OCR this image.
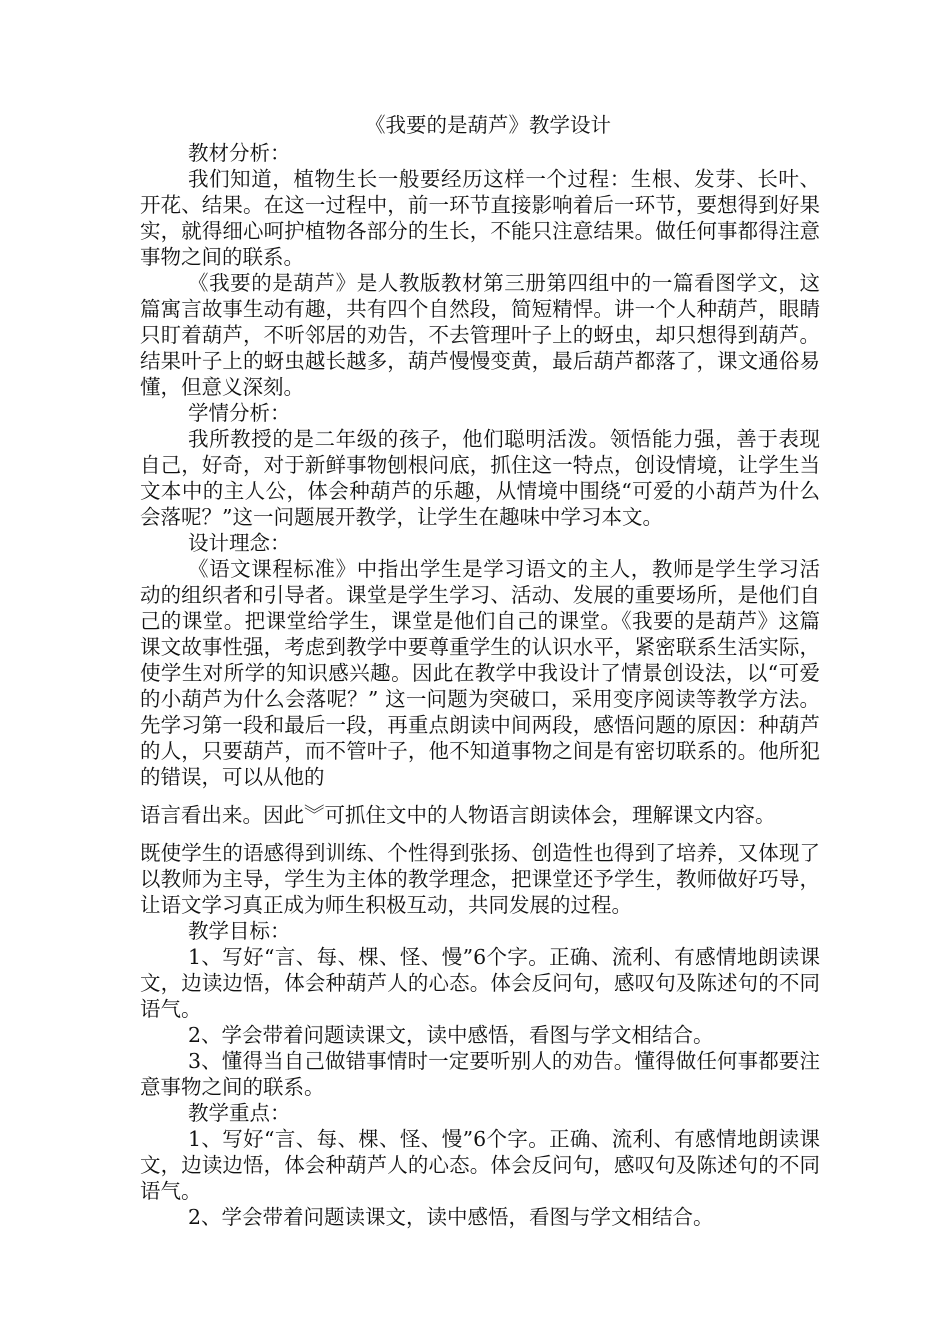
《我要的是葫芦》教学设计

教材分析：

我们知道，植物生长一般要经历这样一个过程：生根、发芽、长叶、开花、结果。在这一过程中，前一环节直接影响着后一环节，要想得到好果实，就得细心呵护植物各部分的生长，不能只注意结果。做任何事都得注意事物之间的联系。

《我要的是葫芦》是人教版教材第三册第四组中的一篇看图学文，这篇寓言故事生动有趣，共有四个自然段，简短精悍。讲一个人种葫芦，眼睛只盯着葫芦，不听邻居的劝告，不去管理叶子上的蚜虫，却只想得到葫芦。结果叶子上的蚜虫越长越多，葫芦慢慢变黄，最后葫芦都落了，课文通俗易懂，但意义深刻。

学情分析：

我所教授的是二年级的孩子，他们聪明活泼。领悟能力强，善于表现自己，好奇，对于新鲜事物刨根问底，抓住这一特点，创设情境，让学生当文本中的主人公，体会种葫芦的乐趣，从情境中围绕“可爱的小葫芦为什么会落呢？”这一问题展开教学，让学生在趣味中学习本文。

设计理念：

《语文课程标准》中指出学生是学习语文的主人，教师是学生学习活动的组织者和引导者。课堂是学生学习、活动、发展的重要场所，是他们自己的课堂。把课堂给学生，课堂是他们自己的课堂。《我要的是葫芦》这篇课文故事性强，考虑到教学中要尊重学生的认识水平，紧密联系生活实际，使学生对所学的知识感兴趣。因此在教学中我设计了情景创设法，以“可爱的小葫芦为什么会落呢？” 这一问题为突破口，采用变序阅读等教学方法。先学习第一段和最后一段，再重点朗读中间两段，感悟问题的原因：种葫芦的人，只要葫芦，而不管叶子，他不知道事物之间是有密切联系的。他所犯的错误，可以从他的

语言看出来。因此︾可抓住文中的人物语言朗读体会，理解课文内容。

既使学生的语感得到训练、个性得到张扬、创造性也得到了培养，又体现了以教师为主导，学生为主体的教学理念，把课堂还予学生，教师做好巧导，让语文学习真正成为师生积极互动，共同发展的过程。

教学目标：

1、写好“言、每、棵、怪、慢”6个字。正确、流利、有感情地朗读课文，边读边悟，体会种葫芦人的心态。体会反问句，感叹句及陈述句的不同语气。

2、学会带着问题读课文，读中感悟，看图与学文相结合。

3、懂得当自己做错事情时一定要听别人的劝告。懂得做任何事都要注意事物之间的联系。

教学重点：

1、写好“言、每、棵、怪、慢”6个字。正确、流利、有感情地朗读课文，边读边悟，体会种葫芦人的心态。体会反问句，感叹句及陈述句的不同语气。

2、学会带着问题读课文，读中感悟，看图与学文相结合。
